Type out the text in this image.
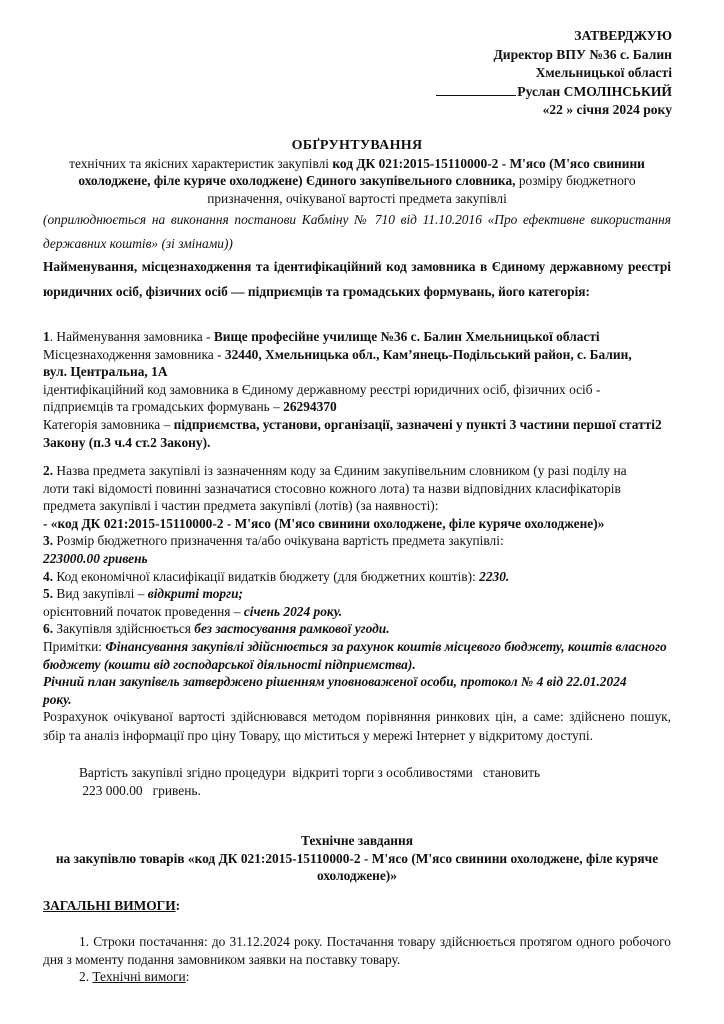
ЗАТВЕРДЖУЮ
Директор ВПУ №36 с. Балин
Хмельницької області
Руслан СМОЛІНСЬКИЙ
«22 » січня 2024 року
ОБҐРУНТУВАННЯ

технічних та якісних характеристик закупівлі код ДК 021:2015-15110000-2 - М'ясо (М'ясо свинини охолоджене, філе куряче охолоджене) Єдиного закупівельного словника, розміру бюджетного призначення, очікуваної вартості предмета закупівлі

(оприлюднюється на виконання постанови Кабміну № 710 від 11.10.2016 «Про ефективне використання державних коштів» (зі змінами))

Найменування, місцезнаходження та ідентифікаційний код замовника в Єдиному державному реєстрі юридичних осіб, фізичних осіб — підприємців та громадських формувань, його категорія:

1. Найменування замовника - Вище професійне училище №36 с. Балин Хмельницької області

Місцезнаходження замовника - 32440, Хмельницька обл., Кам’янець-Подільський район, с. Балин, вул. Центральна, 1А

ідентифікаційний код замовника в Єдиному державному реєстрі юридичних осіб, фізичних осіб - підприємців та громадських формувань – 26294370

Категорія замовника – підприємства, установи, організації, зазначені у пункті 3 частини першої статті2 Закону (п.3 ч.4 ст.2 Закону).

2. Назва предмета закупівлі із зазначенням коду за Єдиним закупівельним словником (у разі поділу на лоти такі відомості повинні зазначатися стосовно кожного лота) та назви відповідних класифікаторів предмета закупівлі і частин предмета закупівлі (лотів) (за наявності):

- «код ДК 021:2015-15110000-2 - М'ясо (М'ясо свинини охолоджене, філе куряче охолоджене)»

3. Розмір бюджетного призначення та/або очікувана вартість предмета закупівлі:

223000.00 гривень

4. Код економічної класифікації видатків бюджету (для бюджетних коштів): 2230.

5. Вид закупівлі – відкриті торги;

орієнтовний початок проведення – січень 2024 року.

6. Закупівля здійснюється без застосування рамкової угоди.

Примітки: Фінансування закупівлі здійснюється за рахунок коштів місцевого бюджету, коштів власного бюджету (кошти від господарської діяльності підприємства).

Річний план закупівель затверджено рішенням уповноваженої особи, протокол № 4 від 22.01.2024 року.

Розрахунок очікуваної вартості здійснювався методом порівняння ринкових цін, а саме: здійснено пошук, збір та аналіз інформації про ціну Товару, що міститься у мережі Інтернет у відкритому доступі.

Вартість закупівлі згідно процедури  відкриті торги з особливостями   становить

223 000.00   гривень.

Технічне завдання

на закупівлю товарів «код ДК 021:2015-15110000-2 - М'ясо (М'ясо свинини охолоджене, філе куряче охолоджене)»

ЗАГАЛЬНІ ВИМОГИ:

1. Строки постачання: до 31.12.2024 року. Постачання товару здійснюється протягом одного робочого дня з моменту подання замовником заявки на поставку товару.

2. Технічні вимоги:
